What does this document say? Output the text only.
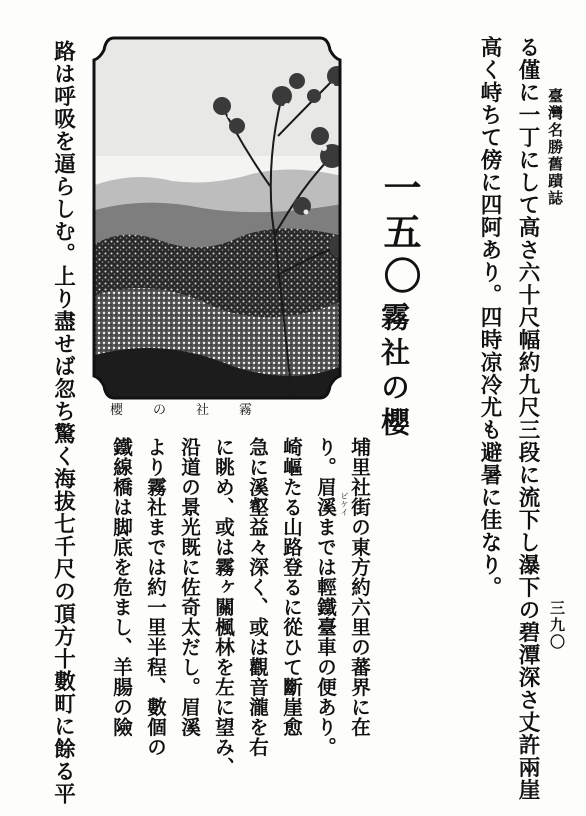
臺灣名勝舊蹟誌
三九〇
る僅に一丁にして高さ六十尺幅約九尺三段に流下し瀑下の碧潭深さ丈許兩崖
高く峙ちて傍に四阿あり。四時凉冷尤も避暑に佳なり。
一五〇
霧社の櫻
埔里社街の東方約六里の蕃界に在
り。眉溪までは輕鐵臺車の便あり。
崎嶇たる山路登るに從ひて斷崖愈
急に溪壑益々深く、或は觀音瀧を右
に眺め、或は霧ヶ關楓林を左に望み、
沿道の景光既に佐奇太だし。眉溪
より霧社までは約一里半程、數個の
鐵線橋は脚底を危まし、羊腸の險	ビケイ
路は呼吸を逼らしむ。上り盡せば忽ち驚く海拔七千尺の頂方十數町に餘る平	霧社の櫻
